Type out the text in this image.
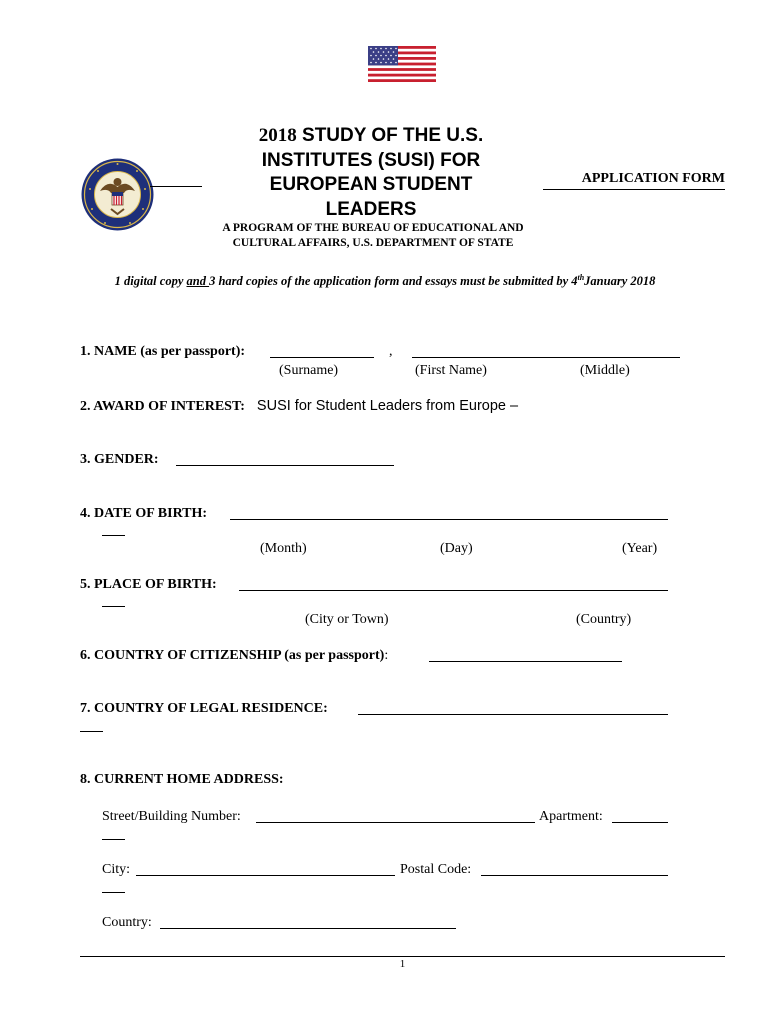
2018 STUDY OF THE U.S. INSTITUTES (SUSI) FOR EUROPEAN STUDENT LEADERS
APPLICATION FORM
A PROGRAM OF THE BUREAU OF EDUCATIONAL AND CULTURAL AFFAIRS, U.S. DEPARTMENT OF STATE
1 digital copy and 3 hard copies of the application form and essays must be submitted by 4thJanuary 2018
1. NAME (as per passport):	,
(Surname)	(First Name)	(Middle)
2. AWARD OF INTEREST: SUSI for Student Leaders from Europe –
3. GENDER:
4. DATE OF BIRTH:
(Month)	(Day)	(Year)
5. PLACE OF BIRTH:
(City or Town)	(Country)
6. COUNTRY OF CITIZENSHIP (as per passport):
7. COUNTRY OF LEGAL RESIDENCE:
8. CURRENT HOME ADDRESS:
Street/Building Number:	Apartment:
City:	Postal Code:
Country:
1
